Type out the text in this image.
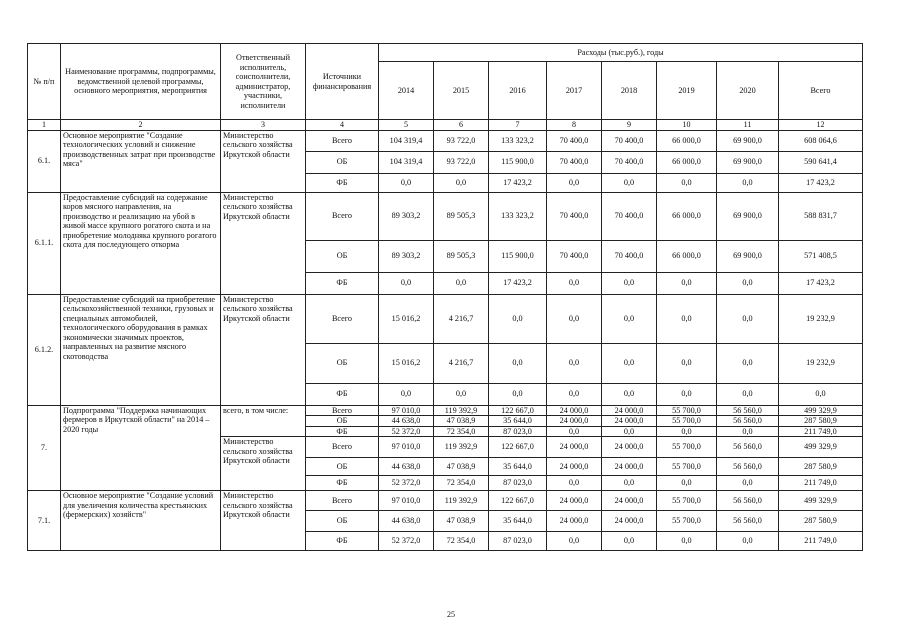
№ п/п	Наименование программы, подпрограммы, ведомственной целевой программы, основного мероприятия, мероприятия	Ответственный исполнитель, соисполнители, администратор, участники, исполнители	Источники финансирования	Расходы (тыс.руб.), годы							
				2014	2015	2016	2017	2018	2019	2020	Всего
1	2	3	4	5	6	7	8	9	10	11	12
6.1.	Основное мероприятие "Создание технологических условий и снижение производственных затрат при производстве мяса"	Министерство сельского хозяйства Иркутской области	Всего	104 319,4	93 722,0	133 323,2	70 400,0	70 400,0	66 000,0	69 900,0	608 064,6
			ОБ	104 319,4	93 722,0	115 900,0	70 400,0	70 400,0	66 000,0	69 900,0	590 641,4
			ФБ	0,0	0,0	17 423,2	0,0	0,0	0,0	0,0	17 423,2
6.1.1.	Предоставление субсидий на содержание коров мясного направления, на производство и реализацию на убой в живой массе крупного рогатого скота и на приобретение молодняка крупного рогатого скота для последующего откорма	Министерство сельского хозяйства Иркутской области	Всего	89 303,2	89 505,3	133 323,2	70 400,0	70 400,0	66 000,0	69 900,0	588 831,7
			ОБ	89 303,2	89 505,3	115 900,0	70 400,0	70 400,0	66 000,0	69 900,0	571 408,5
			ФБ	0,0	0,0	17 423,2	0,0	0,0	0,0	0,0	17 423,2
6.1.2.	Предоставление субсидий на приобретение сельскохозяйственной техники, грузовых и специальных автомобилей, технологического оборудования в рамках экономически значимых проектов, направленных на развитие мясного скотоводства	Министерство сельского хозяйства Иркутской области	Всего	15 016,2	4 216,7	0,0	0,0	0,0	0,0	0,0	19 232,9
			ОБ	15 016,2	4 216,7	0,0	0,0	0,0	0,0	0,0	19 232,9
			ФБ	0,0	0,0	0,0	0,0	0,0	0,0	0,0	0,0
7.	Подпрограмма "Поддержка начинающих фермеров в Иркутской области" на 2014 – 2020 годы	всего, в том числе:	Всего	97 010,0	119 392,9	122 667,0	24 000,0	24 000,0	55 700,0	56 560,0	499 329,9
			ОБ	44 638,0	47 038,9	35 644,0	24 000,0	24 000,0	55 700,0	56 560,0	287 580,9
			ФБ	52 372,0	72 354,0	87 023,0	0,0	0,0	0,0	0,0	211 749,0
		Министерство сельского хозяйства Иркутской области	Всего	97 010,0	119 392,9	122 667,0	24 000,0	24 000,0	55 700,0	56 560,0	499 329,9
			ОБ	44 638,0	47 038,9	35 644,0	24 000,0	24 000,0	55 700,0	56 560,0	287 580,9
			ФБ	52 372,0	72 354,0	87 023,0	0,0	0,0	0,0	0,0	211 749,0
7.1.	Основное мероприятие "Создание условий для увеличения количества крестьянских (фермерских) хозяйств"	Министерство сельского хозяйства Иркутской области	Всего	97 010,0	119 392,9	122 667,0	24 000,0	24 000,0	55 700,0	56 560,0	499 329,9
			ОБ	44 638,0	47 038,9	35 644,0	24 000,0	24 000,0	55 700,0	56 560,0	287 580,9
			ФБ	52 372,0	72 354,0	87 023,0	0,0	0,0	0,0	0,0	211 749,0
25
